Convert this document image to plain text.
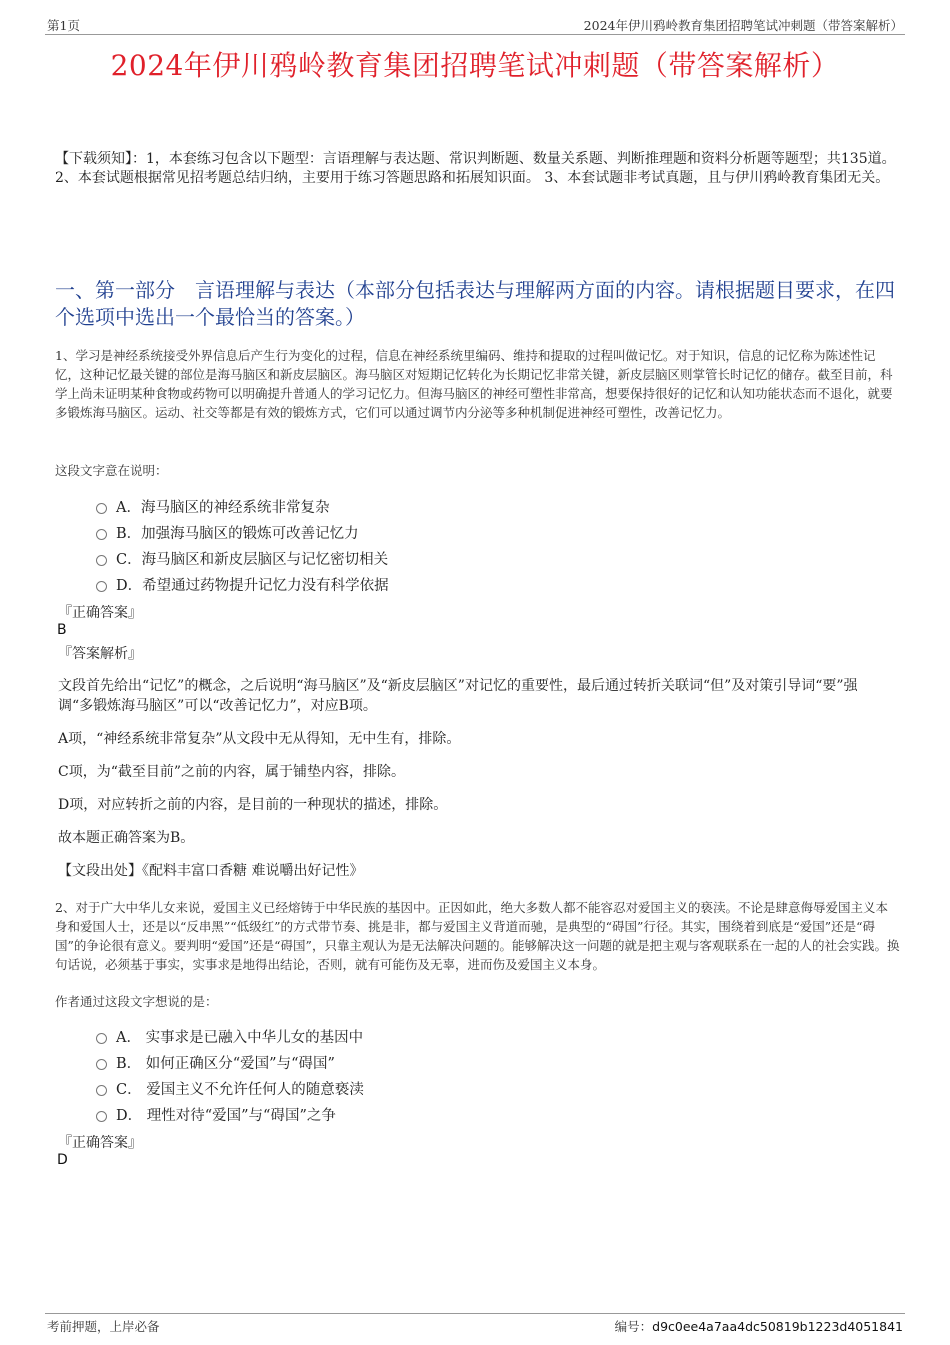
第1页	2024年伊川鸦岭教育集团招聘笔试冲刺题（带答案解析）
2024年伊川鸦岭教育集团招聘笔试冲刺题（带答案解析）
【下载须知】：1，本套练习包含以下题型：言语理解与表达题、常识判断题、数量关系题、判断推理题和资料分析题等题型；共135道。 2、本套试题根据常见招考题总结归纳，主要用于练习答题思路和拓展知识面。 3、本套试题非考试真题，且与伊川鸦岭教育集团无关。
一、第一部分　言语理解与表达（本部分包括表达与理解两方面的内容。请根据题目要求，在四个选项中选出一个最恰当的答案。）
1、学习是神经系统接受外界信息后产生行为变化的过程，信息在神经系统里编码、维持和提取的过程叫做记忆。对于知识，信息的记忆称为陈述性记忆，这种记忆最关键的部位是海马脑区和新皮层脑区。海马脑区对短期记忆转化为长期记忆非常关键，新皮层脑区则掌管长时记忆的储存。截至目前，科学上尚未证明某种食物或药物可以明确提升普通人的学习记忆力。但海马脑区的神经可塑性非常高，想要保持很好的记忆和认知功能状态而不退化，就要多锻炼海马脑区。运动、社交等都是有效的锻炼方式，它们可以通过调节内分泌等多种机制促进神经可塑性，改善记忆力。
这段文字意在说明：
A．海马脑区的神经系统非常复杂
B．加强海马脑区的锻炼可改善记忆力
C．海马脑区和新皮层脑区与记忆密切相关
D．希望通过药物提升记忆力没有科学依据
『正确答案』
B
『答案解析』
文段首先给出“记忆”的概念，之后说明“海马脑区”及“新皮层脑区”对记忆的重要性，最后通过转折关联词“但”及对策引导词“要”强调“多锻炼海马脑区”可以“改善记忆力”，对应B项。
A项，“神经系统非常复杂”从文段中无从得知，无中生有，排除。
C项，为“截至目前”之前的内容，属于铺垫内容，排除。
D项，对应转折之前的内容，是目前的一种现状的描述，排除。
故本题正确答案为B。
【文段出处】《配料丰富口香糖 难说嚼出好记性》
2、对于广大中华儿女来说，爱国主义已经熔铸于中华民族的基因中。正因如此，绝大多数人都不能容忍对爱国主义的亵渎。不论是肆意侮辱爱国主义本身和爱国人士，还是以“反串黑”“低级红”的方式带节奏、挑是非，都与爱国主义背道而驰，是典型的“碍国”行径。其实，围绕着到底是“爱国”还是“碍国”的争论很有意义。要判明“爱国”还是“碍国”，只靠主观认为是无法解决问题的。能够解决这一问题的就是把主观与客观联系在一起的人的社会实践。换句话说，必须基于事实，实事求是地得出结论，否则，就有可能伤及无辜，进而伤及爱国主义本身。
作者通过这段文字想说的是：
A． 实事求是已融入中华儿女的基因中
B． 如何正确区分“爱国”与“碍国”
C． 爱国主义不允许任何人的随意亵渎
D． 理性对待“爱国”与“碍国”之争
『正确答案』
D
考前押题，上岸必备	编号：d9c0ee4a7aa4dc50819b1223d4051841
